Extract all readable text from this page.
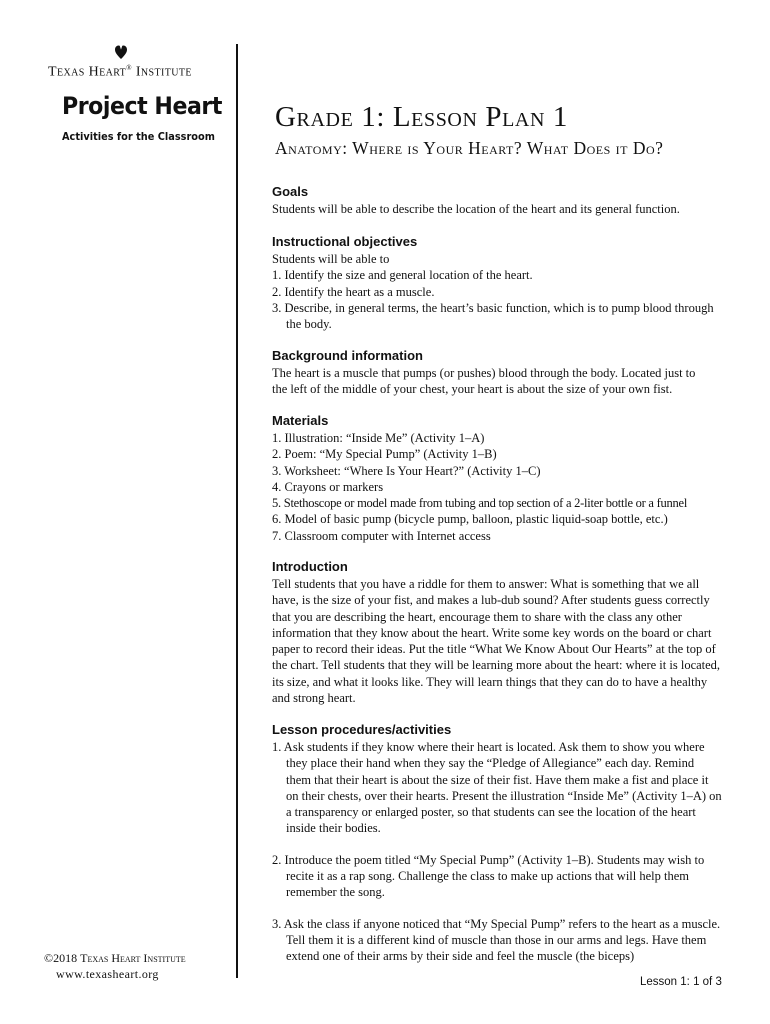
Texas Heart® Institute
Project Heart
Activities for the Classroom
©2018 Texas Heart Institute
www.texasheart.org
Grade 1: Lesson Plan 1
Anatomy: Where is Your Heart? What Does it Do?
Goals

Students will be able to describe the location of the heart and its general function.

Instructional objectives

Students will be able to

1. Identify the size and general location of the heart.
2. Identify the heart as a muscle.
3. Describe, in general terms, the heart’s basic function, which is to pump blood through the body.
Background information

The heart is a muscle that pumps (or pushes) blood through the body. Located just to the left of the middle of your chest, your heart is about the size of your own fist.

Materials
1. Illustration: “Inside Me” (Activity 1–A)
2. Poem: “My Special Pump” (Activity 1–B)
3. Worksheet: “Where Is Your Heart?” (Activity 1–C)
4. Crayons or markers
5. Stethoscope or model made from tubing and top section of a 2-liter bottle or a funnel
6. Model of basic pump (bicycle pump, balloon, plastic liquid-soap bottle, etc.)
7. Classroom computer with Internet access
Introduction

Tell students that you have a riddle for them to answer: What is something that we all have, is the size of your fist, and makes a lub-dub sound? After students guess correctly that you are describing the heart, encourage them to share with the class any other information that they know about the heart. Write some key words on the board or chart paper to record their ideas. Put the title “What We Know About Our Hearts” at the top of the chart. Tell students that they will be learning more about the heart: where it is located, its size, and what it looks like. They will learn things that they can do to have a healthy and strong heart.

Lesson procedures/activities
1. Ask students if they know where their heart is located. Ask them to show you where they place their hand when they say the “Pledge of Allegiance” each day. Remind them that their heart is about the size of their fist. Have them make a fist and place it on their chests, over their hearts. Present the illustration “Inside Me” (Activity 1–A) on a transparency or enlarged poster, so that students can see the location of the heart inside their bodies.
2. Introduce the poem titled “My Special Pump” (Activity 1–B). Students may wish to recite it as a rap song. Challenge the class to make up actions that will help them remember the song.
3. Ask the class if anyone noticed that “My Special Pump” refers to the heart as a muscle. Tell them it is a different kind of muscle than those in our arms and legs. Have them extend one of their arms by their side and feel the muscle (the biceps)
Lesson 1: 1 of 3
